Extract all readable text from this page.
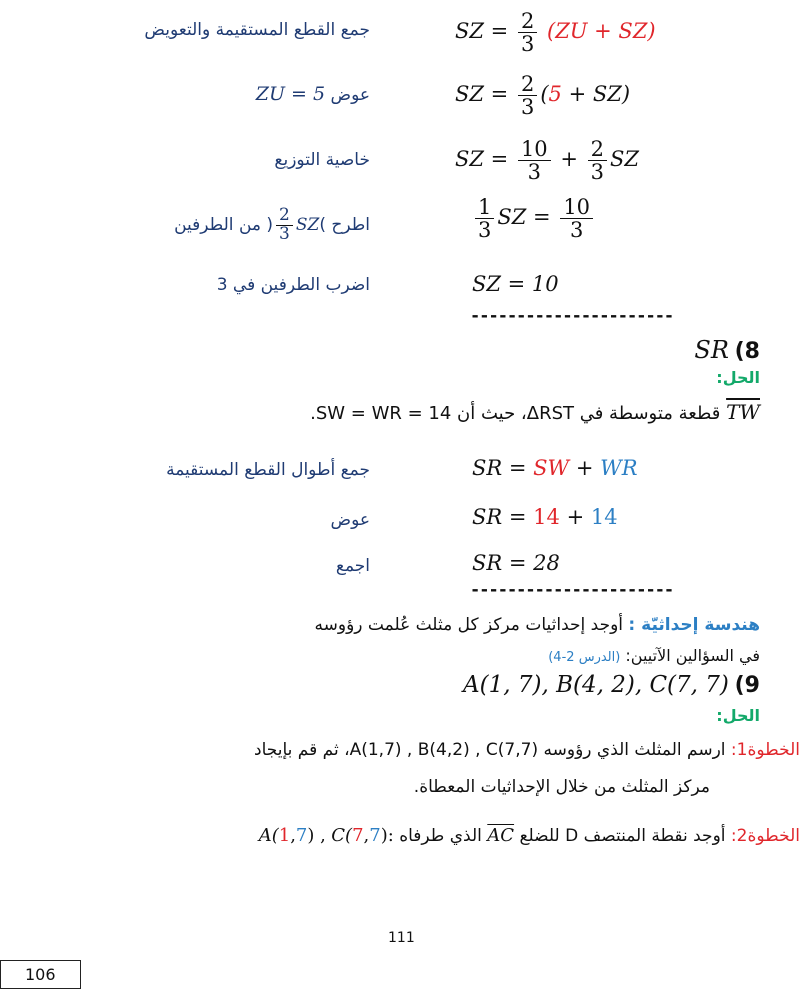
جمع القطع المستقيمة والتعويض	SZ = $\frac{2}{3} (ZU + SZ)$
ZU = 5 عوض	SZ = $\frac{2}{3} (5 + SZ)$
خاصية التوزيع	SZ = $\frac{10}{3} + \frac{2}{3}$ SZ
من الطرفين ) $\frac{2}{3} SZ$( اطرح	$\frac{1}{3}$ SZ = $\frac{10}{3}$
اضرب الطرفين في 3	SZ = 10
----------------------
SR (8
الحل:
TW قطعة متوسطة في ΔRST، حيث أن SW = WR = 14.
جمع أطوال القطع المستقيمة	SR = SW + WR
عوض	SR = 14 + 14
اجمع	SR = 28
----------------------
هندسة إحداثيّة : أوجد إحداثيات مركز كل مثلث عُلمت رؤوسه
في السؤالين الآتيين: (الدرس 2-4)
A(1, 7), B(4, 2), C(7, 7) (9
الحل:
الخطوة1: ارسم المثلث الذي رؤوسه A(1,7) , B(4,2) , C(7,7)، ثم قم بإيجاد
مركز المثلث من خلال الإحداثيات المعطاة.
الخطوة2: أوجد نقطة المنتصف D للضلع AC الذي طرفاه C(7,7): A(1,7) ,
111
106
